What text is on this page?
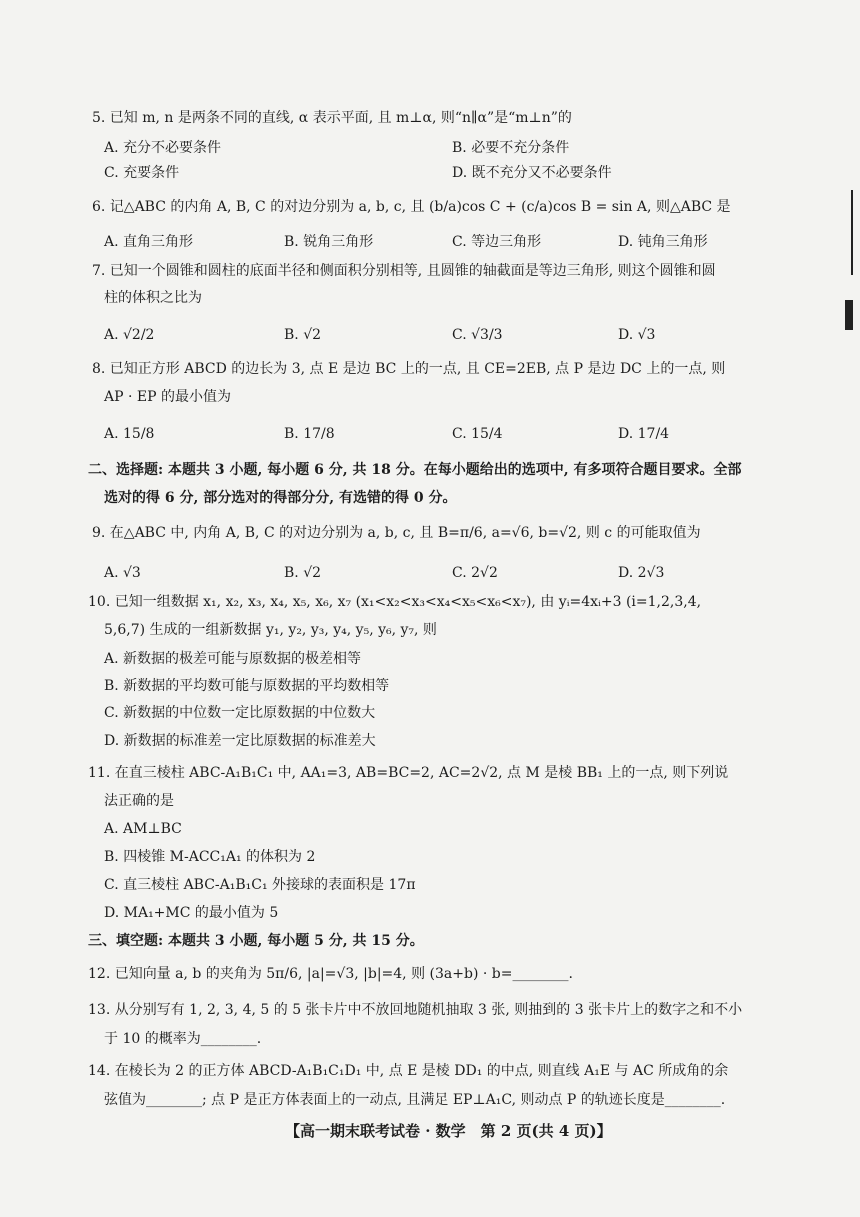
5. 已知 m, n 是两条不同的直线, α 表示平面, 且 m⊥α, 则“n∥α”是“m⊥n”的
A. 充分不必要条件	B. 必要不充分条件
C. 充要条件	D. 既不充分又不必要条件
6. 记△ABC 的内角 A, B, C 的对边分别为 a, b, c, 且 (b/a)cos C + (c/a)cos B = sin A, 则△ABC 是
A. 直角三角形	B. 锐角三角形	C. 等边三角形	D. 钝角三角形
7. 已知一个圆锥和圆柱的底面半径和侧面积分别相等, 且圆锥的轴截面是等边三角形, 则这个圆锥和圆
柱的体积之比为
A. √2/2	B. √2	C. √3/3	D. √3
8. 已知正方形 ABCD 的边长为 3, 点 E 是边 BC 上的一点, 且 CE=2EB, 点 P 是边 DC 上的一点, 则
AP · EP 的最小值为
A. 15/8	B. 17/8	C. 15/4	D. 17/4
二、选择题: 本题共 3 小题, 每小题 6 分, 共 18 分。在每小题给出的选项中, 有多项符合题目要求。全部
选对的得 6 分, 部分选对的得部分分, 有选错的得 0 分。
9. 在△ABC 中, 内角 A, B, C 的对边分别为 a, b, c, 且 B=π/6, a=√6, b=√2, 则 c 的可能取值为
A. √3	B. √2	C. 2√2	D. 2√3
10. 已知一组数据 x₁, x₂, x₃, x₄, x₅, x₆, x₇ (x₁<x₂<x₃<x₄<x₅<x₆<x₇), 由 yᵢ=4xᵢ+3 (i=1,2,3,4,
5,6,7) 生成的一组新数据 y₁, y₂, y₃, y₄, y₅, y₆, y₇, 则
A. 新数据的极差可能与原数据的极差相等
B. 新数据的平均数可能与原数据的平均数相等
C. 新数据的中位数一定比原数据的中位数大
D. 新数据的标准差一定比原数据的标准差大
11. 在直三棱柱 ABC-A₁B₁C₁ 中, AA₁=3, AB=BC=2, AC=2√2, 点 M 是棱 BB₁ 上的一点, 则下列说
法正确的是
A. AM⊥BC
B. 四棱锥 M-ACC₁A₁ 的体积为 2
C. 直三棱柱 ABC-A₁B₁C₁ 外接球的表面积是 17π
D. MA₁+MC 的最小值为 5
三、填空题: 本题共 3 小题, 每小题 5 分, 共 15 分。
12. 已知向量 a, b 的夹角为 5π/6, |a|=√3, |b|=4, 则 (3a+b) · b=________.
13. 从分别写有 1, 2, 3, 4, 5 的 5 张卡片中不放回地随机抽取 3 张, 则抽到的 3 张卡片上的数字之和不小
于 10 的概率为________.
14. 在棱长为 2 的正方体 ABCD-A₁B₁C₁D₁ 中, 点 E 是棱 DD₁ 的中点, 则直线 A₁E 与 AC 所成角的余
弦值为________; 点 P 是正方体表面上的一动点, 且满足 EP⊥A₁C, 则动点 P 的轨迹长度是________.
【高一期末联考试卷 · 数学　第 2 页(共 4 页)】
